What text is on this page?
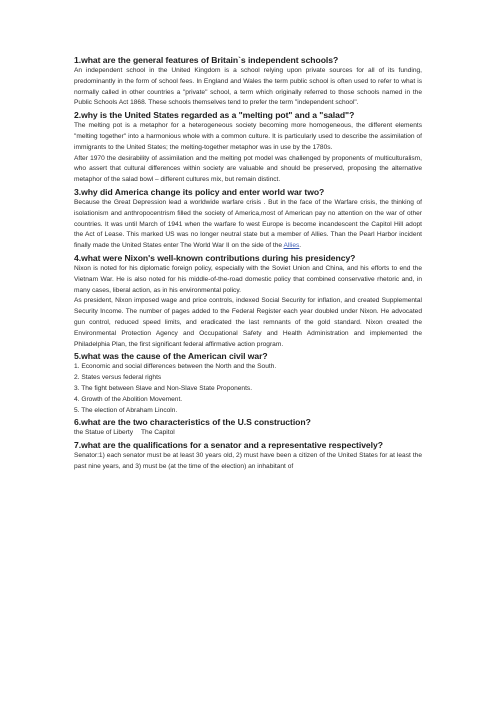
1.what are the general features of Britain`s independent schools?

An independent school in the United Kingdom is a school relying upon private sources for all of its funding, predominantly in the form of school fees. In England and Wales the term public school is often used to refer to what is normally called in other countries a "private" school, a term which originally referred to those schools named in the Public Schools Act 1868. These schools themselves tend to prefer the term "independent school".

2.why is the United States regarded as a "melting pot" and a "salad"?

The melting pot is a metaphor for a heterogeneous society becoming more homogeneous, the different elements "melting together" into a harmonious whole with a common culture. It is particularly used to describe the assimilation of immigrants to the United States; the melting-together metaphor was in use by the 1780s.

After 1970 the desirability of assimilation and the melting pot model was challenged by proponents of multiculturalism, who assert that cultural differences within society are valuable and should be preserved, proposing the alternative metaphor of the salad bowl – different cultures mix, but remain distinct.

3.why did America change its policy and enter world war two?

Because the Great Depression lead a worldwide warfare crisis . But in the face of the Warfare crisis, the thinking of isolationism and anthropocentrism filled the society of America,most of American pay no attention on the war of other countries. It was until March of 1941 when the warfare fo west Europe is become incandescent the Capitol Hill adopt the Act of Lease. This marked US was no longer neutral state but a member of Allies. Than the Pearl Harbor incident finally made the United States enter The World War II on the side of the Allies.

4.what were Nixon's well-known contributions during his presidency?

Nixon is noted for his diplomatic foreign policy, especially with the Soviet Union and China, and his efforts to end the Vietnam War. He is also noted for his middle-of-the-road domestic policy that combined conservative rhetoric and, in many cases, liberal action, as in his environmental policy.

As president, Nixon imposed wage and price controls, indexed Social Security for inflation, and created Supplemental Security Income. The number of pages added to the Federal Register each year doubled under Nixon. He advocated gun control, reduced speed limits, and eradicated the last remnants of the gold standard. Nixon created the Environmental Protection Agency and Occupational Safety and Health Administration and implemented the Philadelphia Plan, the first significant federal affirmative action program.

5.what was the cause of the American civil war?

1. Economic and social differences between the North and the South.

2. States versus federal rights

3. The fight between Slave and Non-Slave State Proponents.

4. Growth of the Abolition Movement.

5. The election of Abraham Lincoln.

6.what are the two characteristics of the U.S construction?

the Statue of Liberty The Capitol

7.what are the qualifications for a senator and a representative respectively?

Senator:1) each senator must be at least 30 years old, 2) must have been a citizen of the United States for at least the past nine years, and 3) must be (at the time of the election) an inhabitant of
